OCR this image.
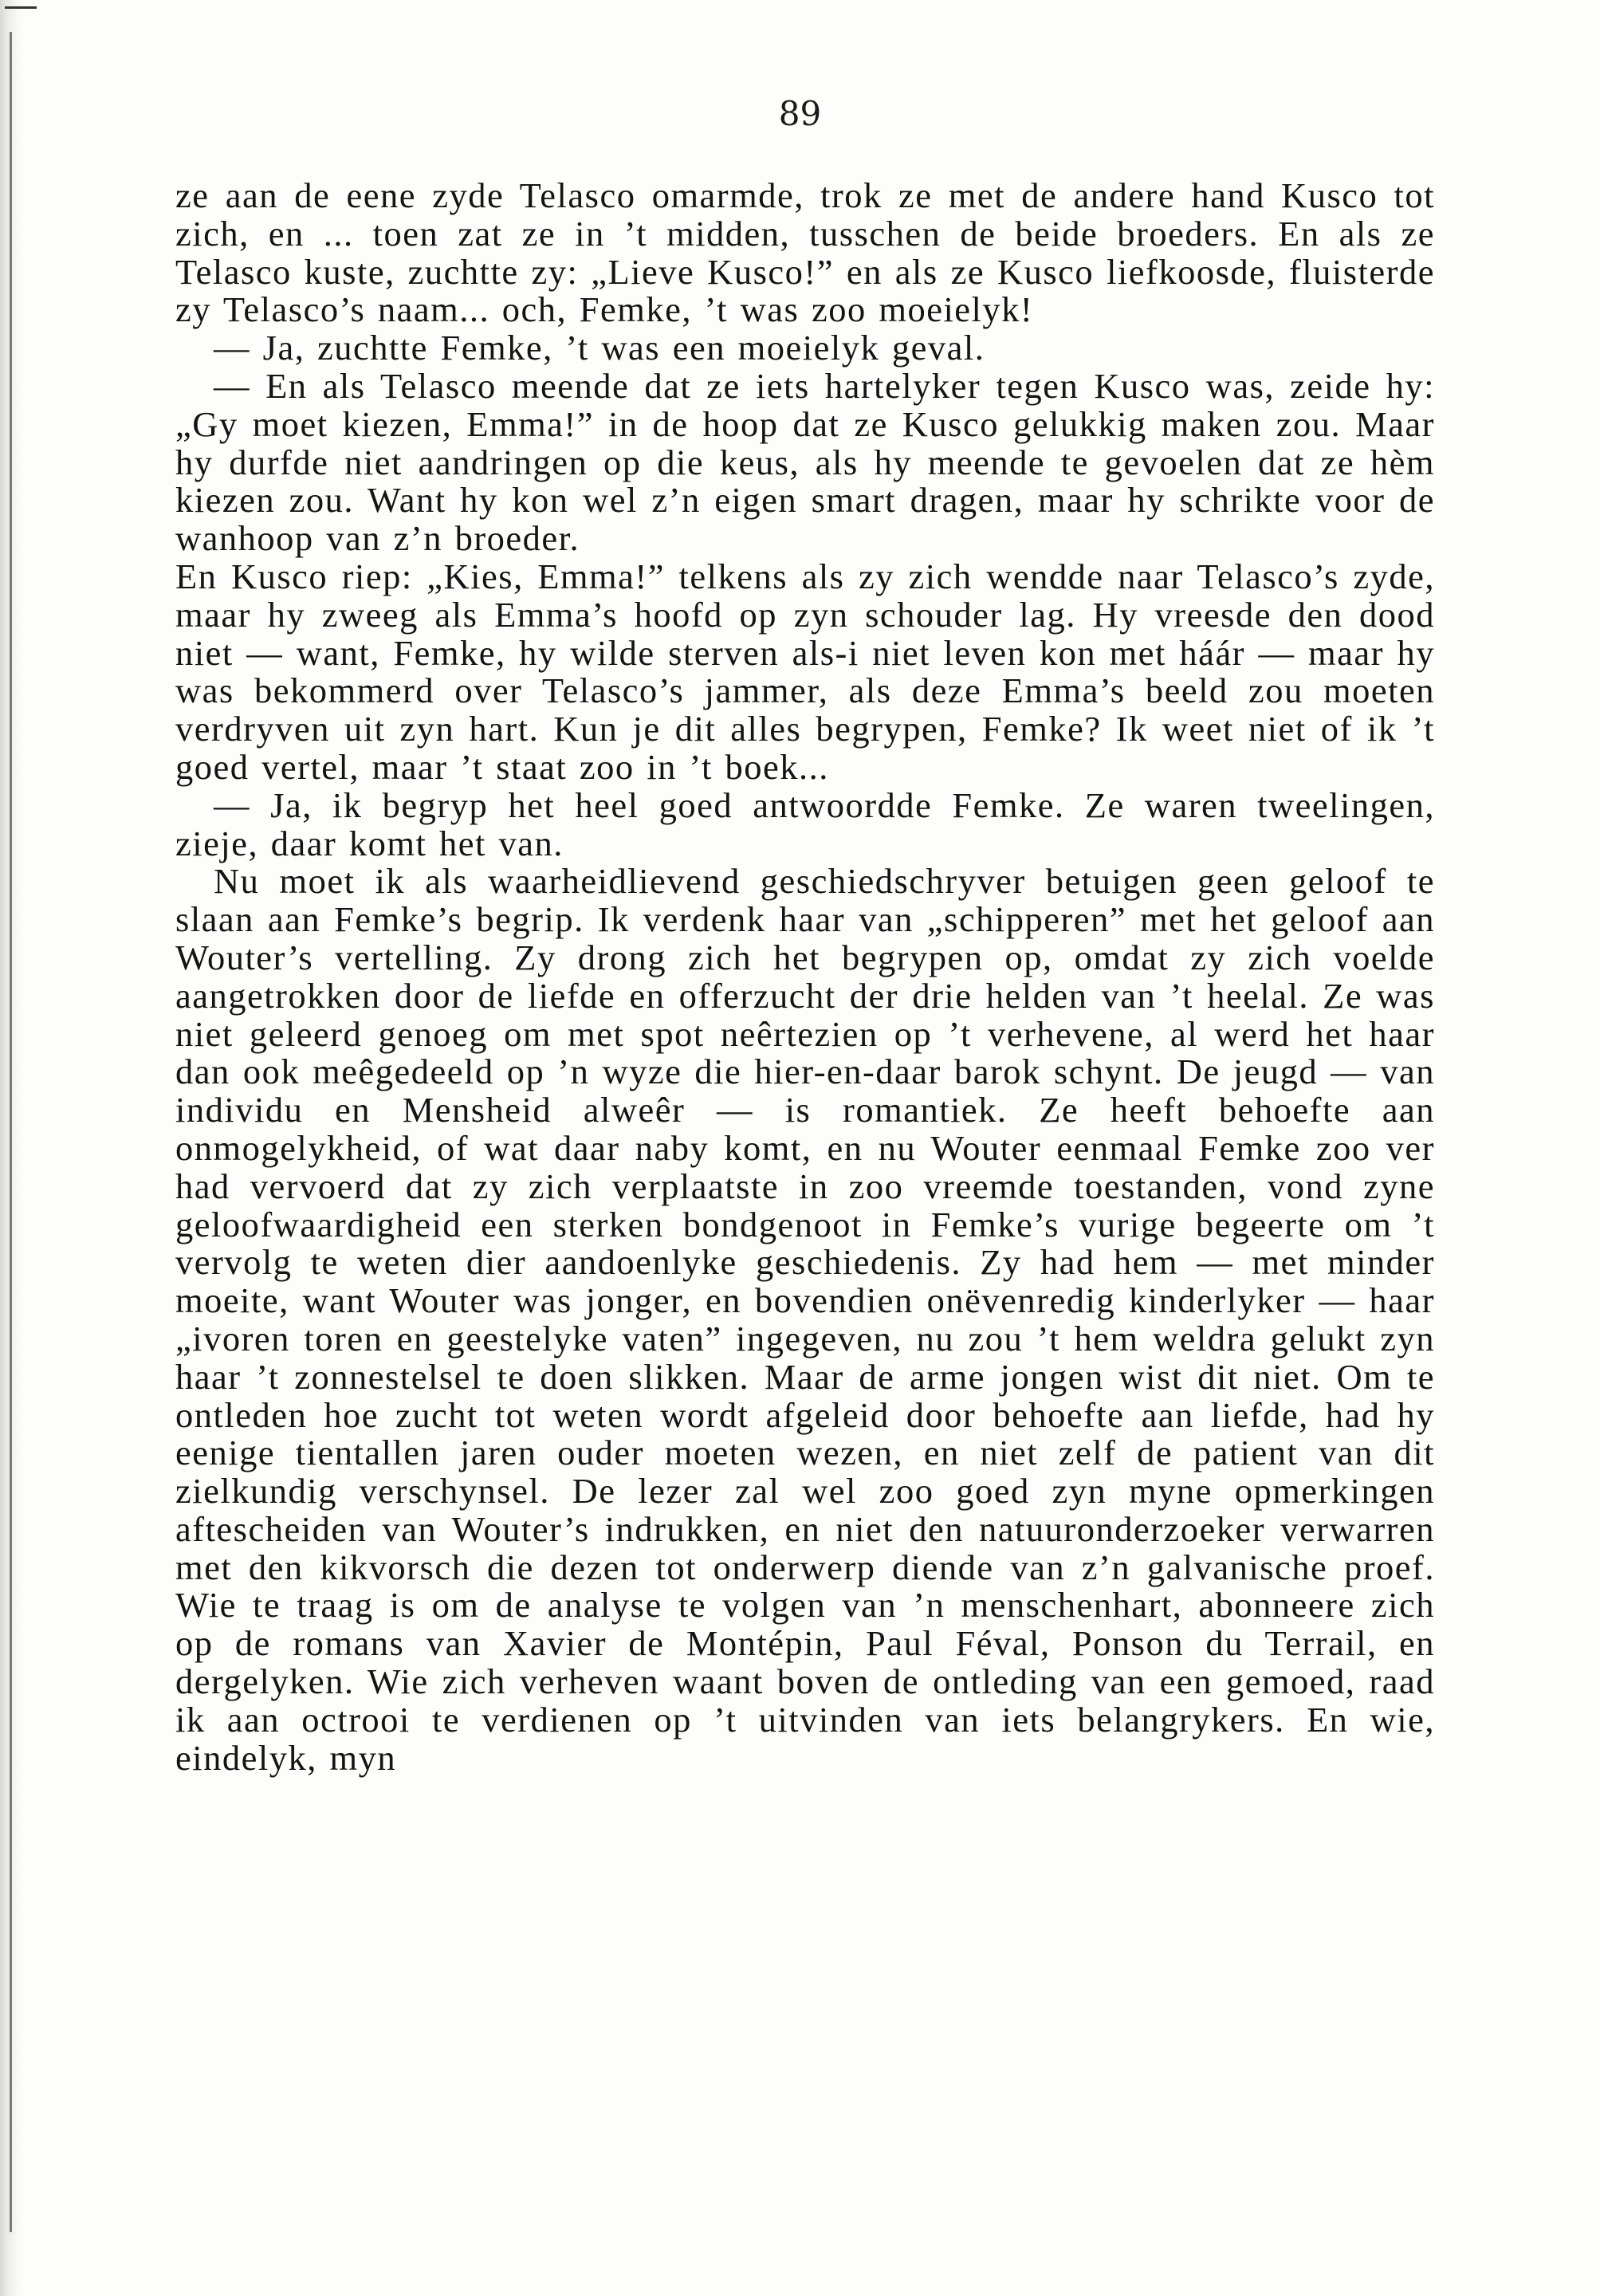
89

ze aan de eene zyde Telasco omarmde, trok ze met de andere hand Kusco tot zich, en ... toen zat ze in ’t midden, tusschen de beide broeders. En als ze Telasco kuste, zuchtte zy: „Lieve Kusco!” en als ze Kusco liefkoosde, fluisterde zy Telasco’s naam... och, Femke, ’t was zoo moeielyk!

— Ja, zuchtte Femke, ’t was een moeielyk geval.

— En als Telasco meende dat ze iets hartelyker tegen Kusco was, zeide hy: „Gy moet kiezen, Emma!” in de hoop dat ze Kusco gelukkig maken zou. Maar hy durfde niet aandringen op die keus, als hy meende te gevoelen dat ze hèm kiezen zou. Want hy kon wel z’n eigen smart dragen, maar hy schrikte voor de wanhoop van z’n broeder.

En Kusco riep: „Kies, Emma!” telkens als zy zich wendde naar Telasco’s zyde, maar hy zweeg als Emma’s hoofd op zyn schouder lag. Hy vreesde den dood niet — want, Femke, hy wilde sterven als-i niet leven kon met háár — maar hy was bekommerd over Telasco’s jammer, als deze Emma’s beeld zou moeten verdryven uit zyn hart. Kun je dit alles begrypen, Femke? Ik weet niet of ik ’t goed vertel, maar ’t staat zoo in ’t boek...

— Ja, ik begryp het heel goed antwoordde Femke. Ze waren tweelingen, zieje, daar komt het van.

Nu moet ik als waarheidlievend geschiedschryver betuigen geen geloof te slaan aan Femke’s begrip. Ik verdenk haar van „schipperen” met het geloof aan Wouter’s vertelling. Zy drong zich het begrypen op, omdat zy zich voelde aangetrokken door de liefde en offerzucht der drie helden van ’t heelal. Ze was niet geleerd genoeg om met spot neêrtezien op ’t verhevene, al werd het haar dan ook meêgedeeld op ’n wyze die hier-en-daar barok schynt. De jeugd — van individu en Mensheid alweêr — is romantiek. Ze heeft behoefte aan onmogelykheid, of wat daar naby komt, en nu Wouter eenmaal Femke zoo ver had vervoerd dat zy zich verplaatste in zoo vreemde toestanden, vond zyne geloofwaardigheid een sterken bondgenoot in Femke’s vurige begeerte om ’t vervolg te weten dier aandoenlyke geschiedenis. Zy had hem — met minder moeite, want Wouter was jonger, en bovendien onëvenredig kinderlyker — haar „ivoren toren en geestelyke vaten” ingegeven, nu zou ’t hem weldra gelukt zyn haar ’t zonnestelsel te doen slikken. Maar de arme jongen wist dit niet. Om te ontleden hoe zucht tot weten wordt afgeleid door behoefte aan liefde, had hy eenige tientallen jaren ouder moeten wezen, en niet zelf de patient van dit zielkundig verschynsel. De lezer zal wel zoo goed zyn myne opmerkingen aftescheiden van Wouter’s indrukken, en niet den natuuronderzoeker verwarren met den kikvorsch die dezen tot onderwerp diende van z’n galvanische proef. Wie te traag is om de analyse te volgen van ’n menschenhart, abonneere zich op de romans van Xavier de Montépin, Paul Féval, Ponson du Terrail, en dergelyken. Wie zich verheven waant boven de ontleding van een gemoed, raad ik aan octrooi te verdienen op ’t uitvinden van iets belangrykers. En wie, eindelyk, myn
